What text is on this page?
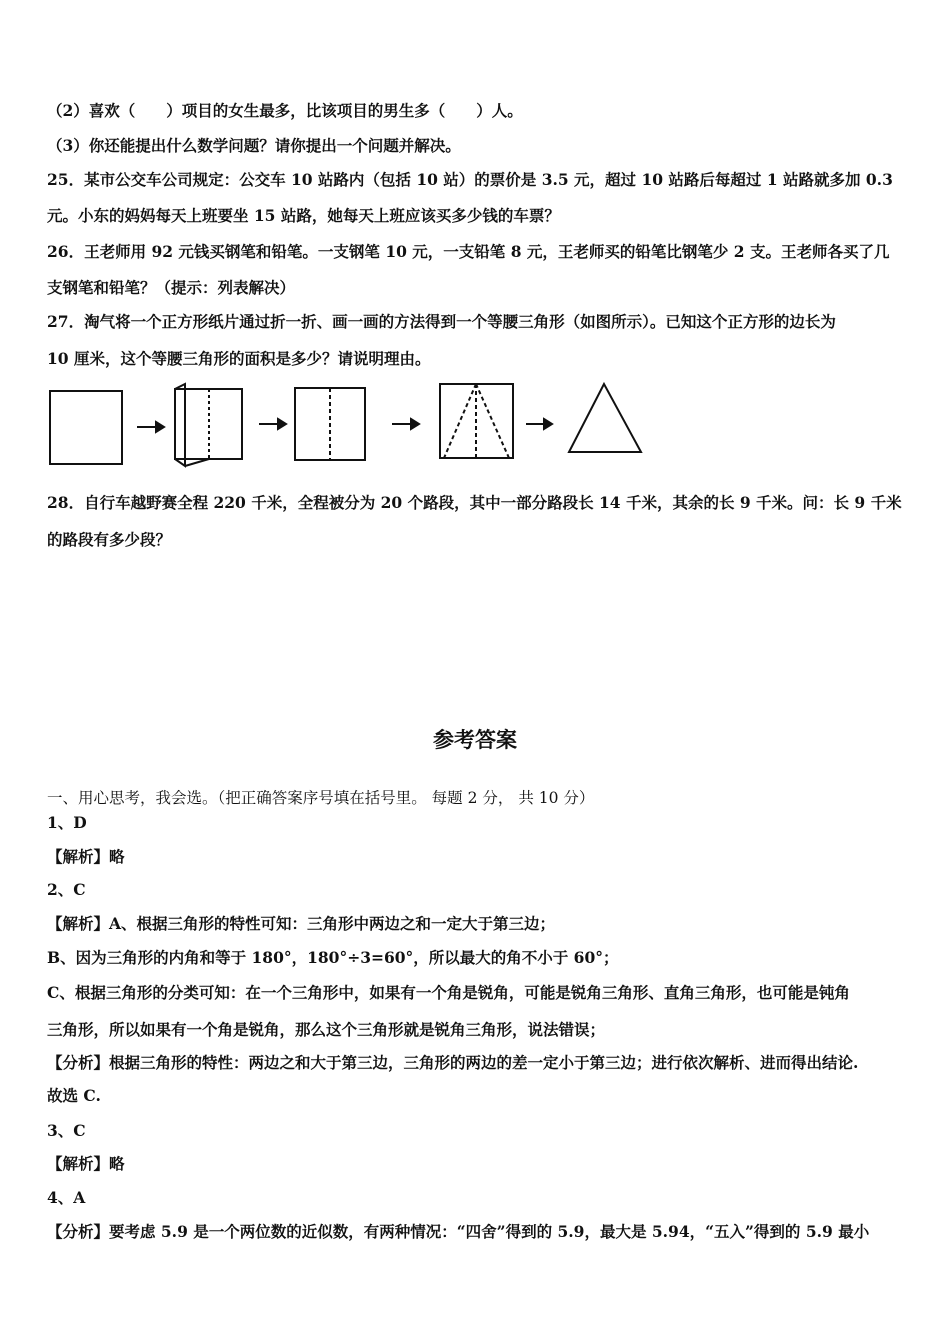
（2）喜欢（　　）项目的女生最多，比该项目的男生多（　　）人。
（3）你还能提出什么数学问题？请你提出一个问题并解决。
25．某市公交车公司规定：公交车 10 站路内（包括 10 站）的票价是 3.5 元，超过 10 站路后每超过 1 站路就多加 0.3
元。小东的妈妈每天上班要坐 15 站路，她每天上班应该买多少钱的车票？
26．王老师用 92 元钱买钢笔和铅笔。一支钢笔 10 元，一支铅笔 8 元，王老师买的铅笔比钢笔少 2 支。王老师各买了几
支钢笔和铅笔？（提示：列表解决）
27．淘气将一个正方形纸片通过折一折、画一画的方法得到一个等腰三角形（如图所示）。已知这个正方形的边长为
10 厘米，这个等腰三角形的面积是多少？请说明理由。
28．自行车越野赛全程 220 千米，全程被分为 20 个路段，其中一部分路段长 14 千米，其余的长 9 千米。问：长 9 千米
的路段有多少段？
参考答案
一、用心思考，我会选。（把正确答案序号填在括号里。 每题 2 分， 共 10 分）
1、D
【解析】略
2、C
【解析】A、根据三角形的特性可知：三角形中两边之和一定大于第三边；
B、因为三角形的内角和等于 180°，180°÷3=60°，所以最大的角不小于 60°；
C、根据三角形的分类可知：在一个三角形中，如果有一个角是锐角，可能是锐角三角形、直角三角形，也可能是钝角
三角形，所以如果有一个角是锐角，那么这个三角形就是锐角三角形，说法错误；
【分析】根据三角形的特性：两边之和大于第三边，三角形的两边的差一定小于第三边；进行依次解析、进而得出结论.
故选 C.
3、C
【解析】略
4、A
【分析】要考虑 5.9 是一个两位数的近似数，有两种情况：“四舍”得到的 5.9，最大是 5.94，“五入”得到的 5.9 最小
